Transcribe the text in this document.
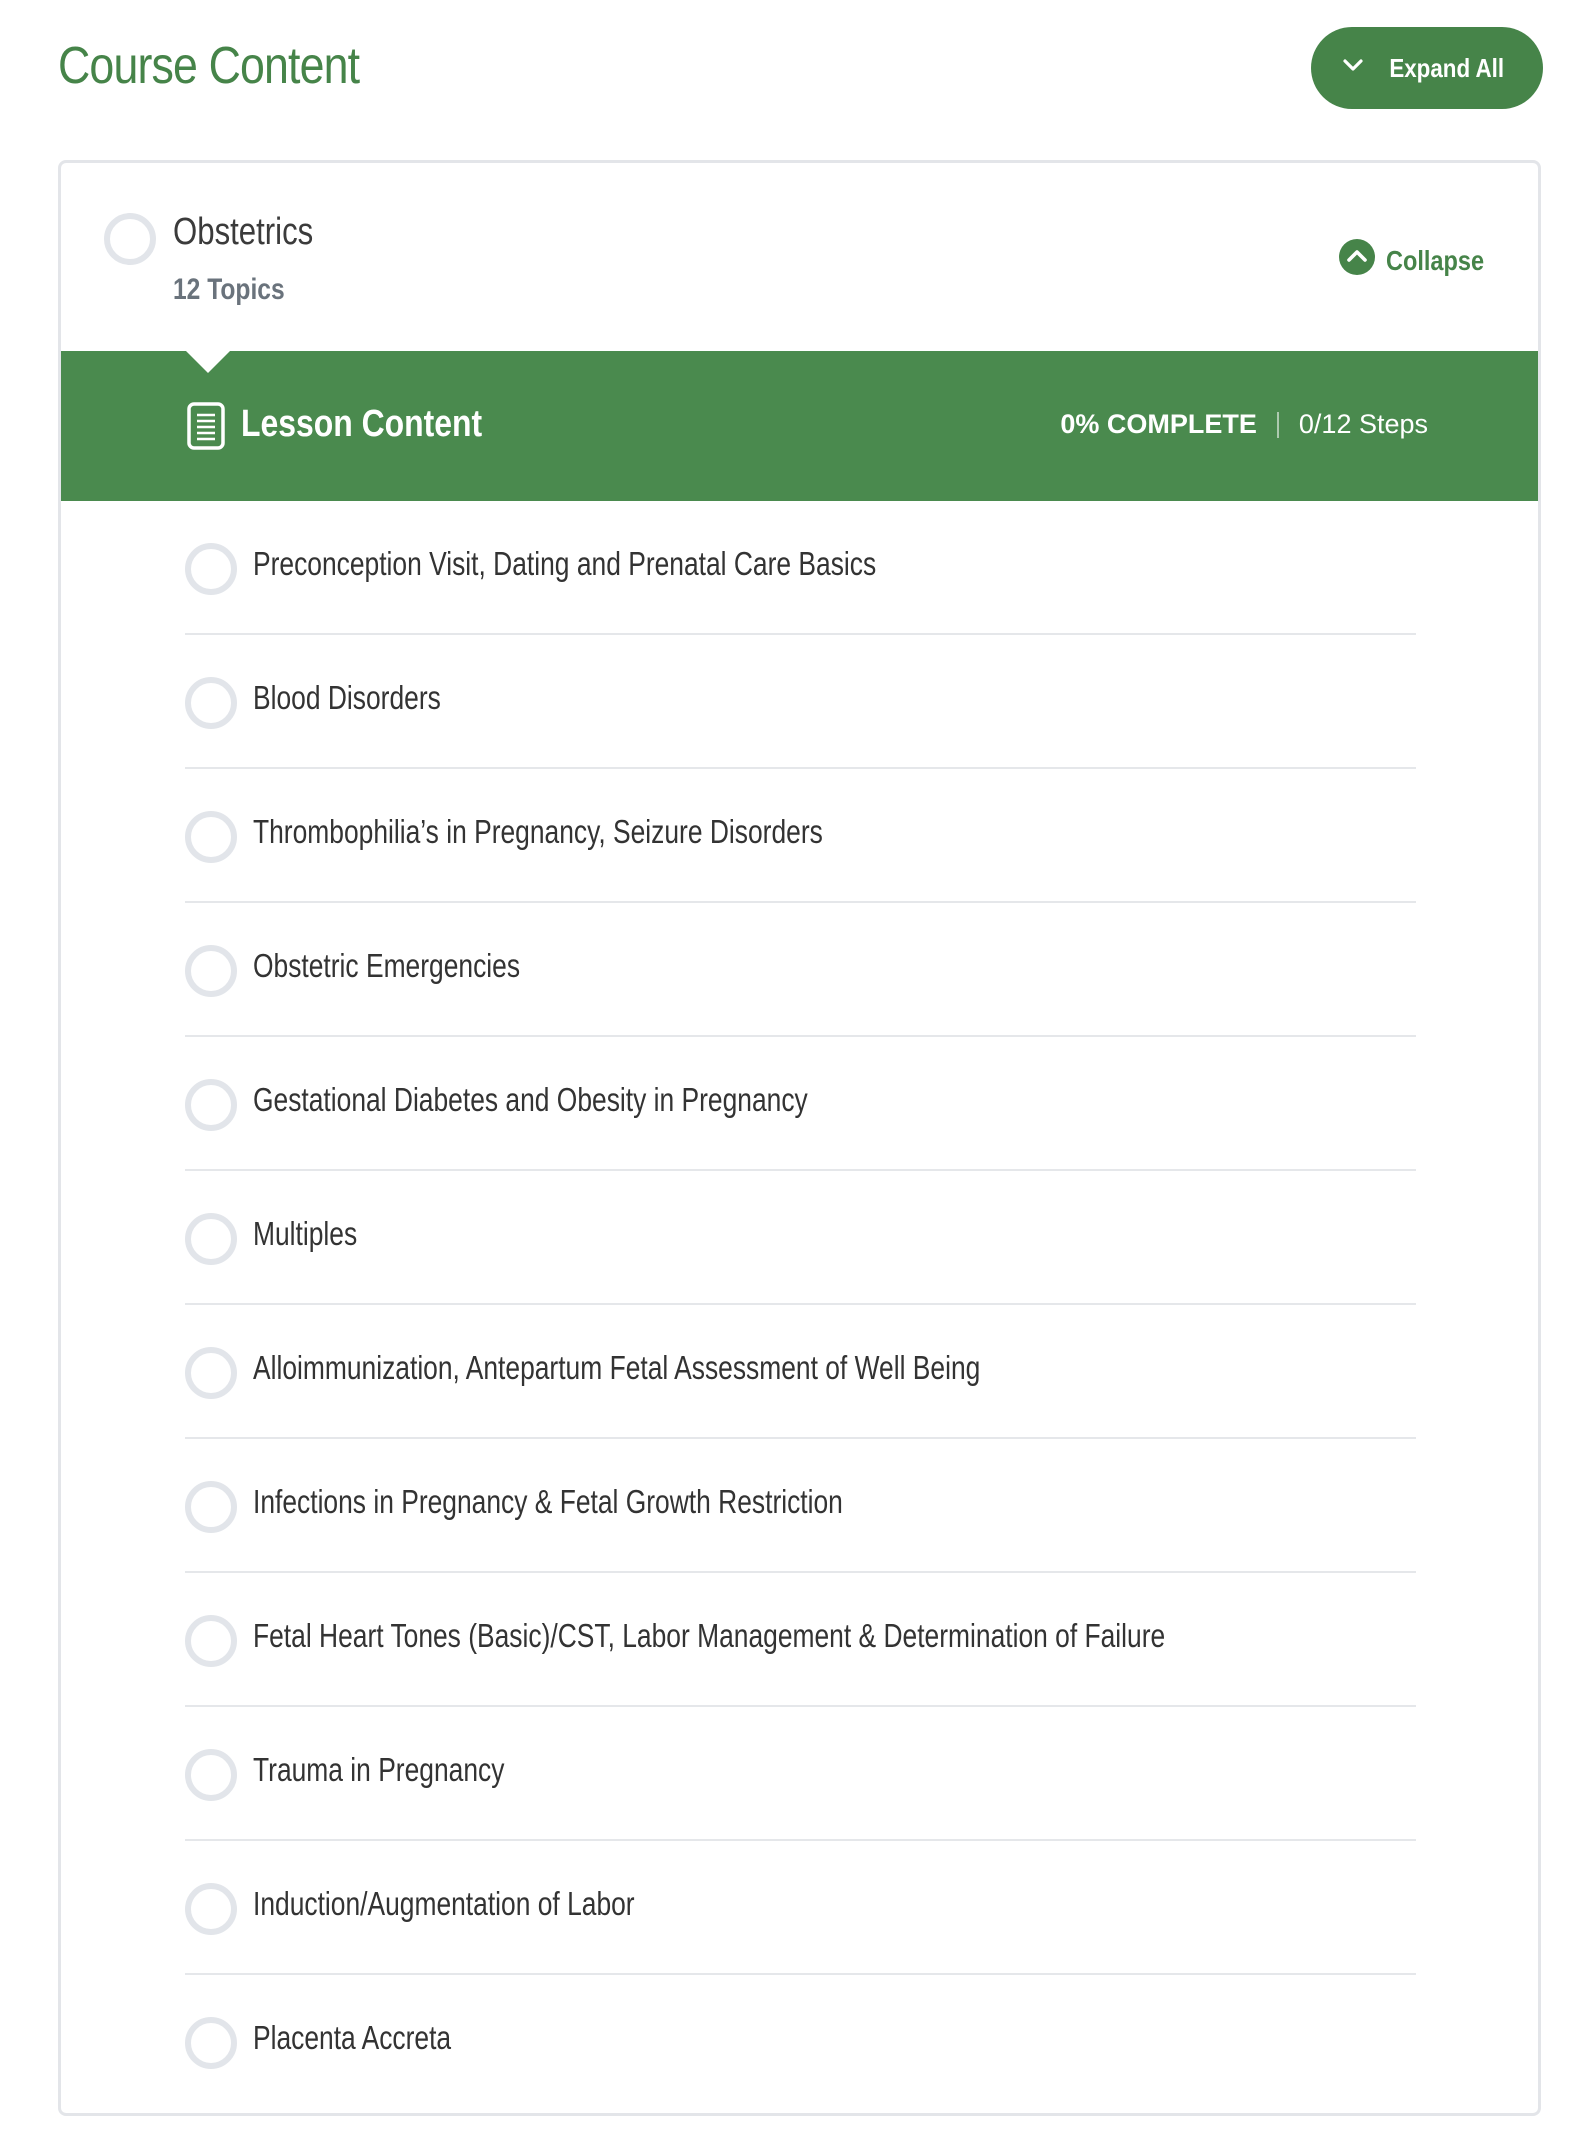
Course Content	Expand All
Obstetrics
12 Topics
Collapse
Lesson Content	0% COMPLETE 0/12 Steps
Preconception Visit, Dating and Prenatal Care Basics
Blood Disorders
Thrombophilia’s in Pregnancy, Seizure Disorders
Obstetric Emergencies
Gestational Diabetes and Obesity in Pregnancy
Multiples
Alloimmunization, Antepartum Fetal Assessment of Well Being
Infections in Pregnancy & Fetal Growth Restriction
Fetal Heart Tones (Basic)/CST, Labor Management & Determination of Failure
Trauma in Pregnancy
Induction/Augmentation of Labor
Placenta Accreta
